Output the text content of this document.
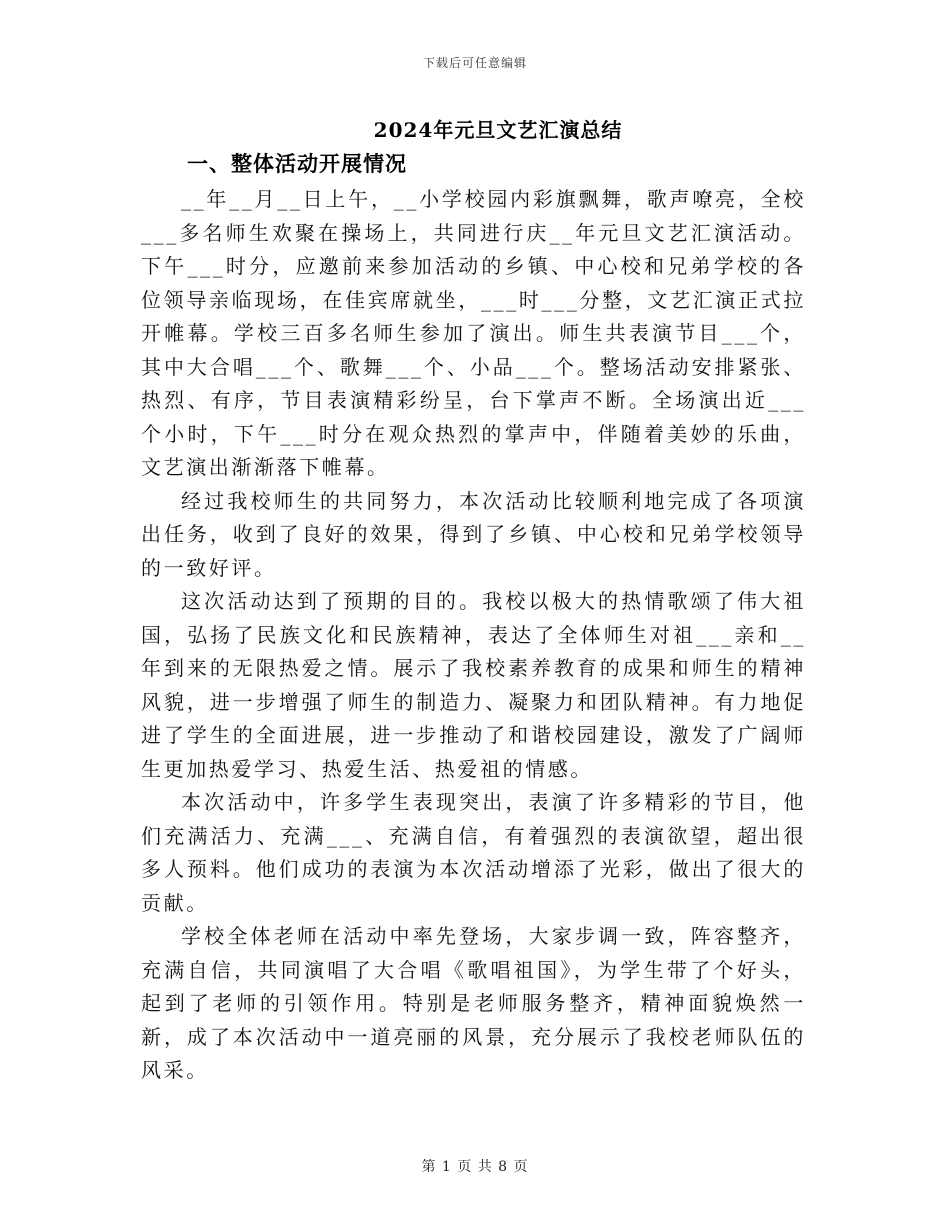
下载后可任意编辑
2024年元旦文艺汇演总结
一、整体活动开展情况

__年__月__日上午，__小学校园内彩旗飘舞，歌声嘹亮，全校___多名师生欢聚在操场上，共同进行庆__年元旦文艺汇演活动。下午___时分，应邀前来参加活动的乡镇、中心校和兄弟学校的各位领导亲临现场，在佳宾席就坐，___时___分整，文艺汇演正式拉开帷幕。学校三百多名师生参加了演出。师生共表演节目___个，其中大合唱___个、歌舞___个、小品___个。整场活动安排紧张、热烈、有序，节目表演精彩纷呈，台下掌声不断。全场演出近___个小时，下午___时分在观众热烈的掌声中，伴随着美妙的乐曲，文艺演出渐渐落下帷幕。

经过我校师生的共同努力，本次活动比较顺利地完成了各项演出任务，收到了良好的效果，得到了乡镇、中心校和兄弟学校领导的一致好评。

这次活动达到了预期的目的。我校以极大的热情歌颂了伟大祖国，弘扬了民族文化和民族精神，表达了全体师生对祖___亲和__年到来的无限热爱之情。展示了我校素养教育的成果和师生的精神风貌，进一步增强了师生的制造力、凝聚力和团队精神。有力地促进了学生的全面进展，进一步推动了和谐校园建设，激发了广阔师生更加热爱学习、热爱生活、热爱祖的情感。

本次活动中，许多学生表现突出，表演了许多精彩的节目，他们充满活力、充满___、充满自信，有着强烈的表演欲望，超出很多人预料。他们成功的表演为本次活动增添了光彩，做出了很大的贡献。

学校全体老师在活动中率先登场，大家步调一致，阵容整齐，充满自信，共同演唱了大合唱《歌唱祖国》，为学生带了个好头，起到了老师的引领作用。特别是老师服务整齐，精神面貌焕然一新，成了本次活动中一道亮丽的风景，充分展示了我校老师队伍的风采。

第 1 页 共 8 页
